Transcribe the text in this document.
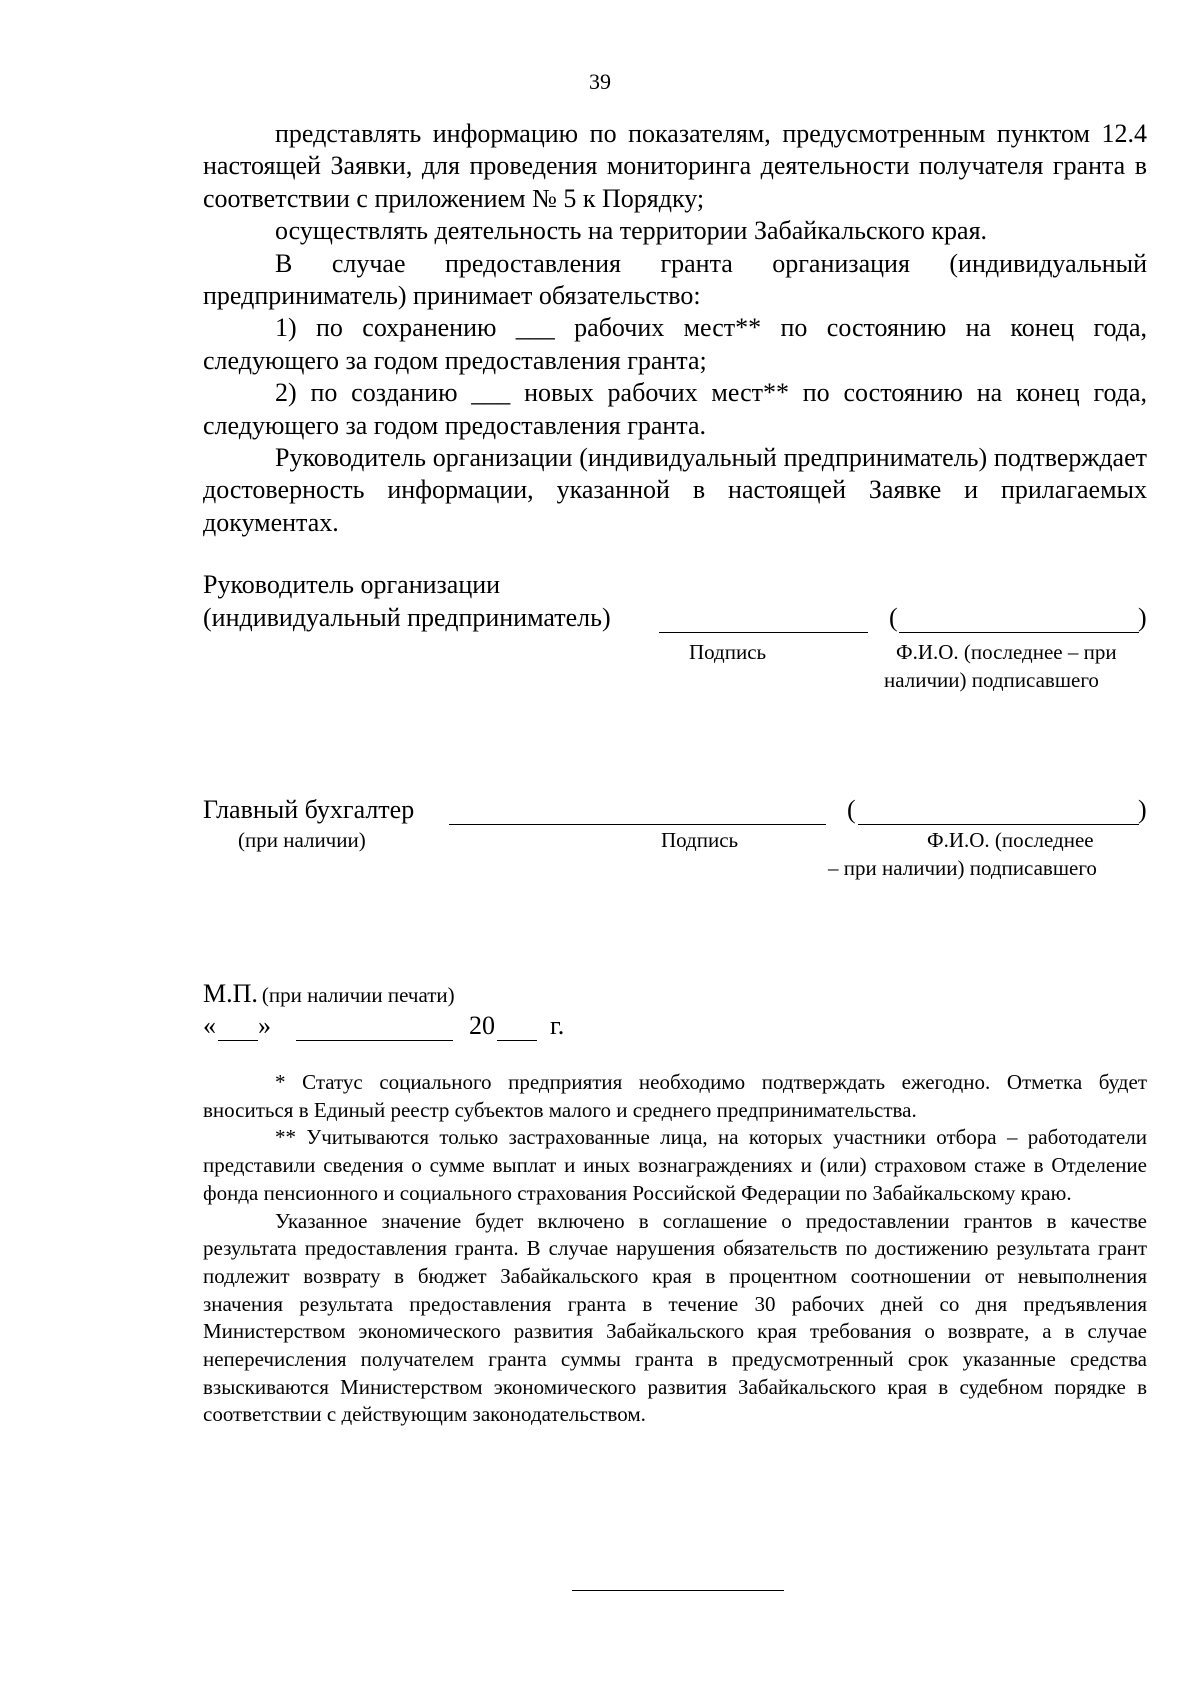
39

представлять информацию по показателям, предусмотренным пунктом 12.4 настоящей Заявки, для проведения мониторинга деятельности получателя гранта в соответствии с приложением № 5 к Порядку;

осуществлять деятельность на территории Забайкальского края.

В случае предоставления гранта организация (индивидуальный предприниматель) принимает обязательство:

1) по сохранению ___ рабочих мест** по состоянию на конец года, следующего за годом предоставления гранта;

2) по созданию ___ новых рабочих мест** по состоянию на конец года, следующего за годом предоставления гранта.

Руководитель организации (индивидуальный предприниматель) подтверждает достоверность информации, указанной в настоящей Заявке и прилагаемых документах.

Руководитель организации
(индивидуальный предприниматель)	(	)
Подпись	Ф.И.О. (последнее – при
наличии) подписавшего
Главный бухгалтер	(	)
(при наличии)	Подпись	Ф.И.О. (последнее
– при наличии) подписавшего
М.П. (при наличии печати)
« »	20 г.

* Статус социального предприятия необходимо подтверждать ежегодно. Отметка будет вноситься в Единый реестр субъектов малого и среднего предпринимательства.

** Учитываются только застрахованные лица, на которых участники отбора – работодатели представили сведения о сумме выплат и иных вознаграждениях и (или) страховом стаже в Отделение фонда пенсионного и социального страхования Российской Федерации по Забайкальскому краю.

Указанное значение будет включено в соглашение о предоставлении грантов в качестве результата предоставления гранта. В случае нарушения обязательств по достижению результата грант подлежит возврату в бюджет Забайкальского края в процентном соотношении от невыполнения значения результата предоставления гранта в течение 30 рабочих дней со дня предъявления Министерством экономического развития Забайкальского края требования о возврате, а в случае неперечисления получателем гранта суммы гранта в предусмотренный срок указанные средства взыскиваются Министерством экономического развития Забайкальского края в судебном порядке в соответствии с действующим законодательством.
